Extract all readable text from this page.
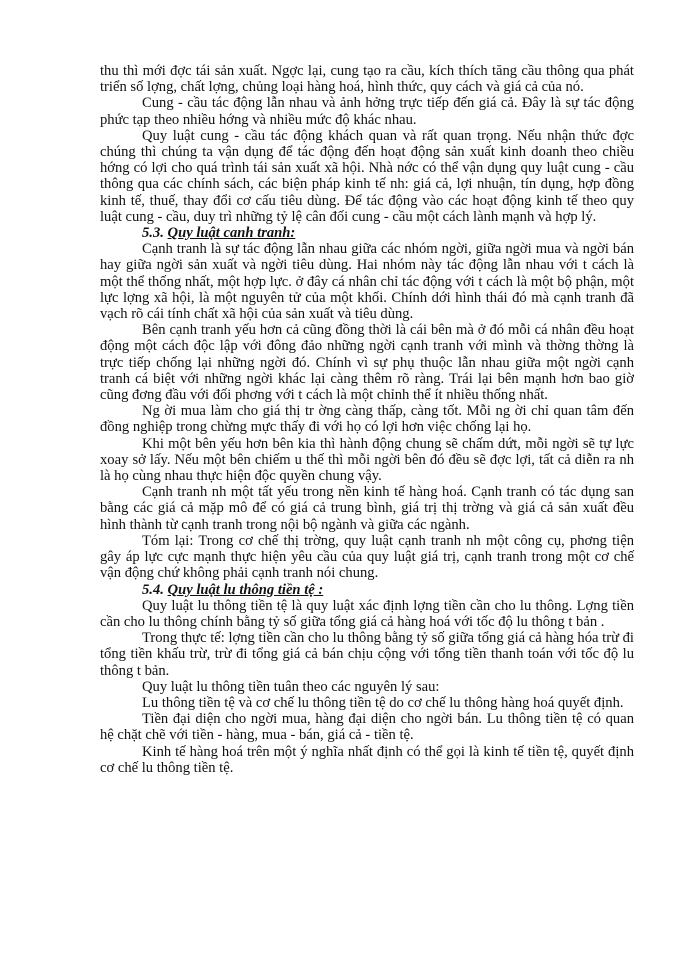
thu thì mới đợc tái sản xuất. Ngợc lại, cung tạo ra cầu, kích thích tăng cầu thông qua phát triển số lợng, chất lợng, chủng loại hàng hoá, hình thức, quy cách và giá cả của nó.

Cung - cầu tác động lẫn nhau và ảnh hởng trực tiếp đến giá cả. Đây là sự tác động phức tạp theo nhiều hớng và nhiều mức độ khác nhau.

Quy luật cung - cầu tác động khách quan và rất quan trọng. Nếu nhận thức đợc chúng thì chúng ta vận dụng để tác động đến hoạt động sản xuất kinh doanh theo chiều hớng có lợi cho quá trình tái sản xuất xã hội. Nhà nớc có thể vận dụng quy luật cung - cầu thông qua các chính sách, các biện pháp kinh tế nh: giá cả, lợi nhuận, tín dụng, hợp đồng kinh tế, thuế, thay đổi cơ cấu tiêu dùng. Để tác động vào các hoạt động kinh tế theo quy luật cung - cầu, duy trì những tỷ lệ cân đối cung - cầu một cách lành mạnh và hợp lý.

5.3. Quy luật canh tranh:

Cạnh tranh là sự tác động lẫn nhau giữa các nhóm ngời, giữa ngời mua và ngời bán hay giữa ngời sản xuất và ngời tiêu dùng. Hai nhóm này tác động lẫn nhau với t cách là một thể thống nhất, một hợp lực. ở đây cá nhân chỉ tác động với t cách là một bộ phận, một lực lợng xã hội, là một nguyên tử của một khối. Chính dới hình thái đó mà cạnh tranh đã vạch rõ cái tính chất xã hội của sản xuất và tiêu dùng.

Bên cạnh tranh yếu hơn cả cũng đồng thời là cái bên mà ở đó mỗi cá nhân đều hoạt động một cách độc lập với đông đảo những ngời cạnh tranh với mình và thờng thờng là trực tiếp chống lại những ngời đó. Chính vì sự phụ thuộc lẫn nhau giữa một ngời cạnh tranh cá biệt với những ngời khác lại càng thêm rõ ràng. Trái lại bên mạnh hơn bao giờ cũng đơng đầu với đối phơng với t cách là một chỉnh thể ít nhiều thống nhất.

Ng ời mua làm cho giá thị tr ờng càng thấp, càng tốt. Mỗi ng ời chỉ quan tâm đến đồng nghiệp trong chừng mực thấy đi với họ có lợi hơn việc chống lại họ.

Khi một bên yếu hơn bên kia thì hành động chung sẽ chấm dứt, mỗi ngời sẽ tự lực xoay sở lấy. Nếu một bên chiếm u thế thì mỗi ngời bên đó đều sẽ đợc lợi, tất cả diễn ra nh là họ cùng nhau thực hiện độc quyền chung vậy.

Cạnh tranh nh một tất yếu trong nền kinh tế hàng hoá. Cạnh tranh có tác dụng san bằng các giá cả mặp mô để có giá cả trung bình, giá trị thị trờng và giá cả sản xuất đều hình thành từ cạnh tranh trong nội bộ ngành và giữa các ngành.

Tóm lại: Trong cơ chế thị trờng, quy luật cạnh tranh nh một công cụ, phơng tiện gây áp lực cực mạnh thực hiện yêu cầu của quy luật giá trị, cạnh tranh trong một cơ chế vận động chứ không phải cạnh tranh nói chung.

5.4. Quy luật lu thông tiền tệ :

Quy luật lu thông tiền tệ là quy luật xác định lợng tiền cần cho lu thông. Lợng tiền cần cho lu thông chính bằng tỷ số giữa tổng giá cả hàng hoá với tốc độ lu thông t bản .

Trong thực tế: lợng tiền cần cho lu thông bằng tỷ số giữa tổng giá cả hàng hóa trừ đi tổng tiền khấu trừ, trừ đi tổng giá cả bán chịu cộng với tổng tiền thanh toán với tốc độ lu thông t bản.

Quy luật lu thông tiền tuân theo các nguyên lý sau:

Lu thông tiền tệ và cơ chế lu thông tiền tệ do cơ chế lu thông hàng hoá quyết định.

Tiền đại diện cho ngời mua, hàng đại diện cho ngời bán. Lu thông tiền tệ có quan hệ chặt chẽ với tiền - hàng, mua - bán, giá cả - tiền tệ.

Kinh tế hàng hoá trên một ý nghĩa nhất định có thể gọi là kinh tế tiền tệ, quyết định cơ chế lu thông tiền tệ.
